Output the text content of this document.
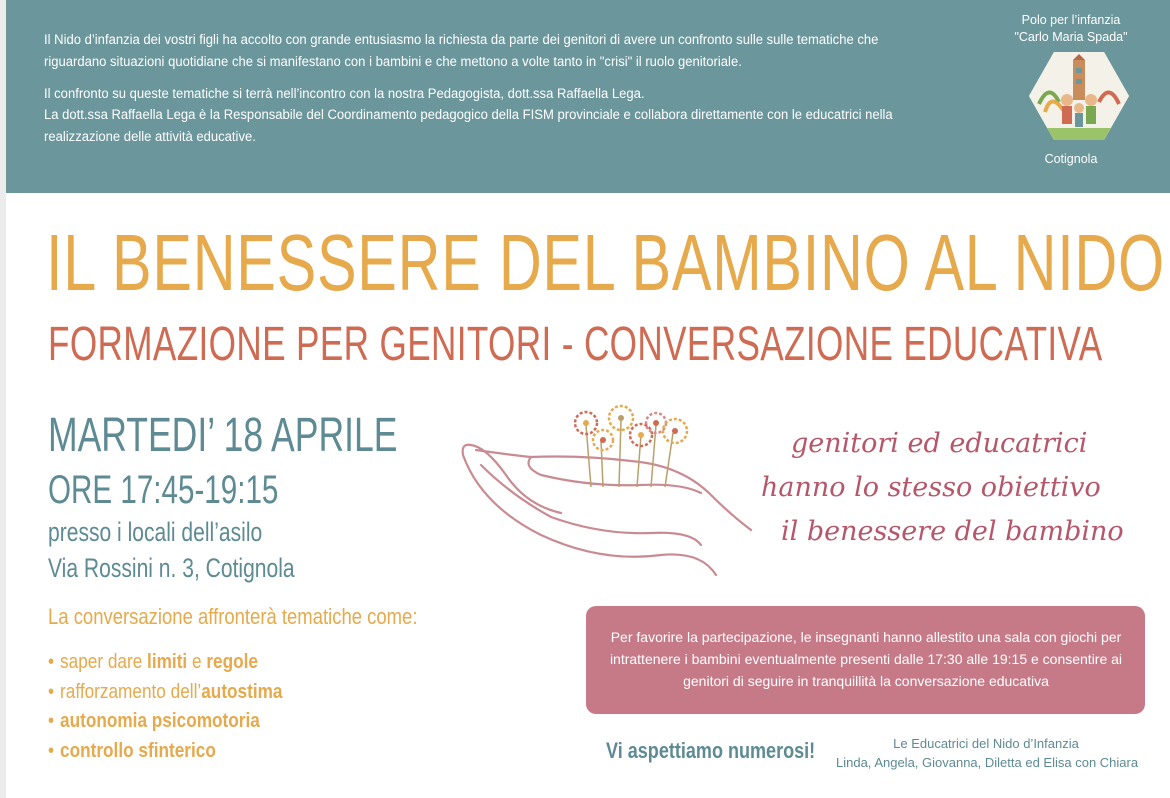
Il Nido d’infanzia dei vostri figli ha accolto con grande entusiasmo la richiesta da parte dei genitori di avere un confronto sulle sulle tematiche che riguardano situazioni quotidiane che si manifestano con i bambini e che mettono a volte tanto in "crisi" il ruolo genitoriale.

Il confronto su queste tematiche si terrà nell’incontro con la nostra Pedagogista, dott.ssa Raffaella Lega.
La dott.ssa Raffaella Lega è la Responsabile del Coordinamento pedagogico della FISM provinciale e collabora direttamente con le educatrici nella realizzazione delle attività educative.

Polo per l’infanzia
"Carlo Maria Spada"
Cotignola
IL BENESSERE DEL BAMBINO AL NIDO
FORMAZIONE PER GENITORI - CONVERSAZIONE EDUCATIVA
MARTEDI’ 18 APRILE
ORE 17:45-19:15
presso i locali dell’asilo
Via Rossini n. 3, Cotignola
La conversazione affronterà tematiche come:
• saper dare limiti e regole
• rafforzamento dell’autostima
• autonomia psicomotoria
• controllo sfinterico
genitori ed educatrici
hanno lo stesso obiettivo
il benessere del bambino
Per favorire la partecipazione, le insegnanti hanno allestito una sala con giochi per intrattenere i bambini eventualmente presenti dalle 17:30 alle 19:15 e consentire ai genitori di seguire in tranquillità la conversazione educativa
Vi aspettiamo numerosi!	Le Educatrici del Nido d’Infanzia
Linda, Angela, Giovanna, Diletta ed Elisa con Chiara
